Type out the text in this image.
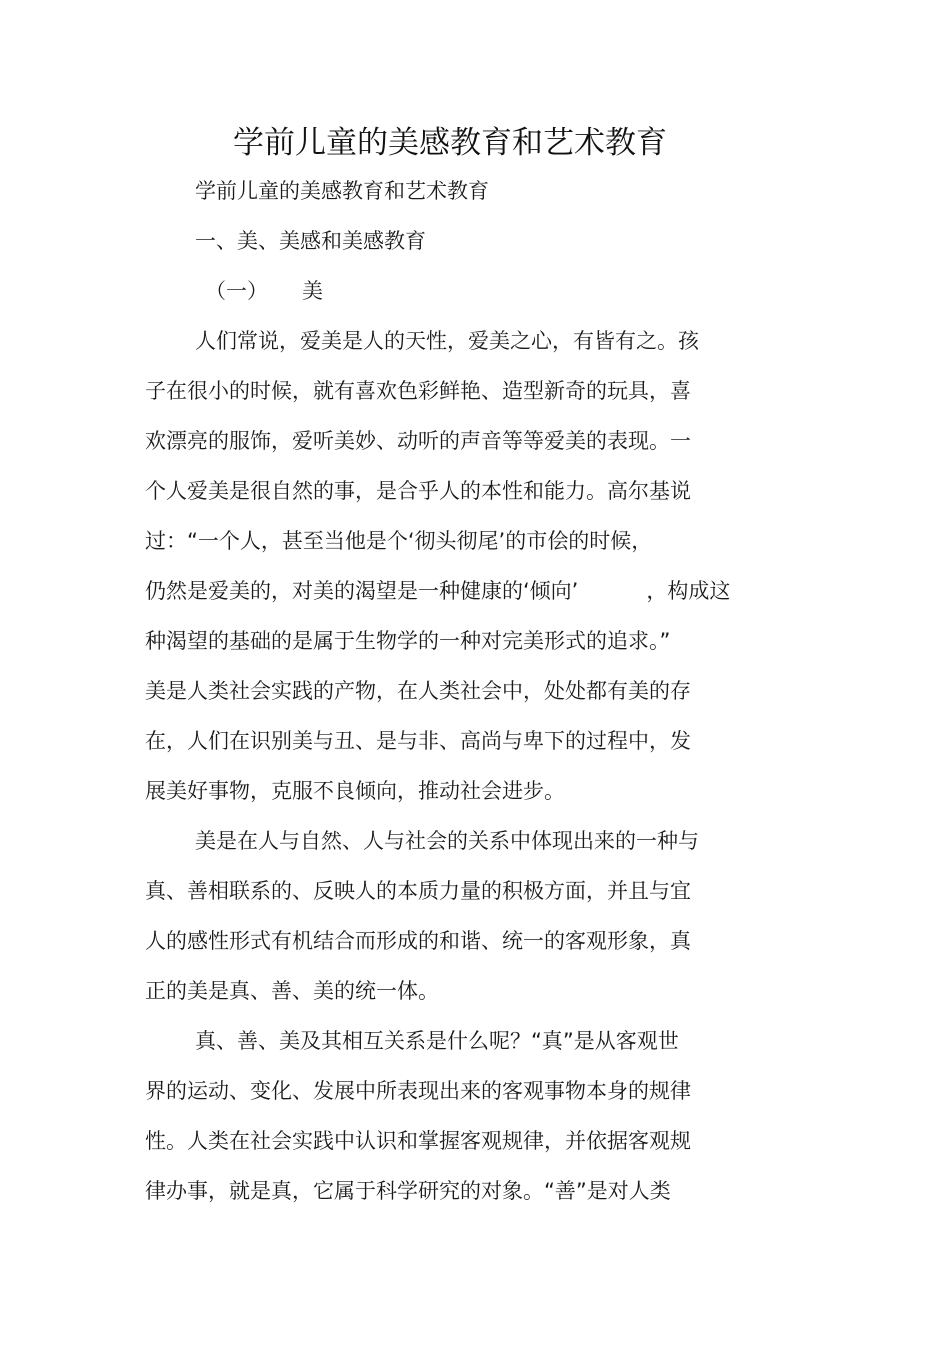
学前儿童的美感教育和艺术教育
学前儿童的美感教育和艺术教育
一、美、美感和美感教育
（一） 美
人们常说，爱美是人的天性，爱美之心，有皆有之。孩
子在很小的时候，就有喜欢色彩鲜艳、造型新奇的玩具，喜
欢漂亮的服饰，爱听美妙、动听的声音等等爱美的表现。一
个人爱美是很自然的事，是合乎人的本性和能力。高尔基说
过：“一个人，甚至当他是个‘彻头彻尾’的市侩的时候，
仍然是爱美的，对美的渴望是一种健康的‘倾向’	，构成这
种渴望的基础的是属于生物学的一种对完美形式的追求。”
美是人类社会实践的产物，在人类社会中，处处都有美的存
在，人们在识别美与丑、是与非、高尚与卑下的过程中，发
展美好事物，克服不良倾向，推动社会进步。
美是在人与自然、人与社会的关系中体现出来的一种与
真、善相联系的、反映人的本质力量的积极方面，并且与宜
人的感性形式有机结合而形成的和谐、统一的客观形象，真
正的美是真、善、美的统一体。
真、善、美及其相互关系是什么呢？“真”是从客观世
界的运动、变化、发展中所表现出来的客观事物本身的规律
性。人类在社会实践中认识和掌握客观规律，并依据客观规
律办事，就是真，它属于科学研究的对象。“善”是对人类
